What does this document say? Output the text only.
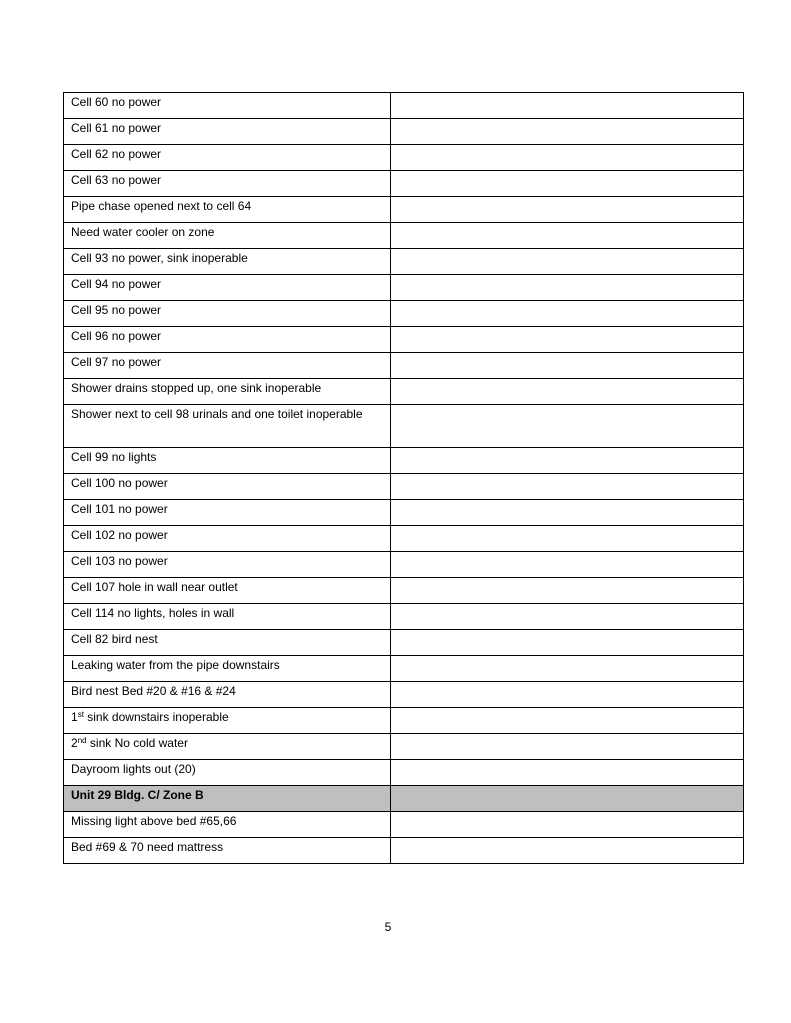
Cell 60 no power	
Cell 61 no power	
Cell 62 no power	
Cell 63 no power	
Pipe chase opened next to cell 64	
Need water cooler on zone	
Cell 93 no power, sink inoperable	
Cell 94 no power	
Cell 95 no power	
Cell 96 no power	
Cell 97 no power	
Shower drains stopped up, one sink inoperable	
Shower next to cell 98 urinals and one toilet inoperable	
Cell 99 no lights	
Cell 100 no power	
Cell 101 no power	
Cell 102 no power	
Cell 103 no power	
Cell 107 hole in wall near outlet	
Cell 114 no lights, holes in wall	
Cell 82 bird nest	
Leaking water from the pipe downstairs	
Bird nest Bed #20 & #16 & #24	
1st sink downstairs inoperable	
2nd sink No cold water	
Dayroom lights out (20)	
Unit 29 Bldg. C/ Zone B	
Missing light above bed #65,66	
Bed #69 & 70 need mattress	
5
